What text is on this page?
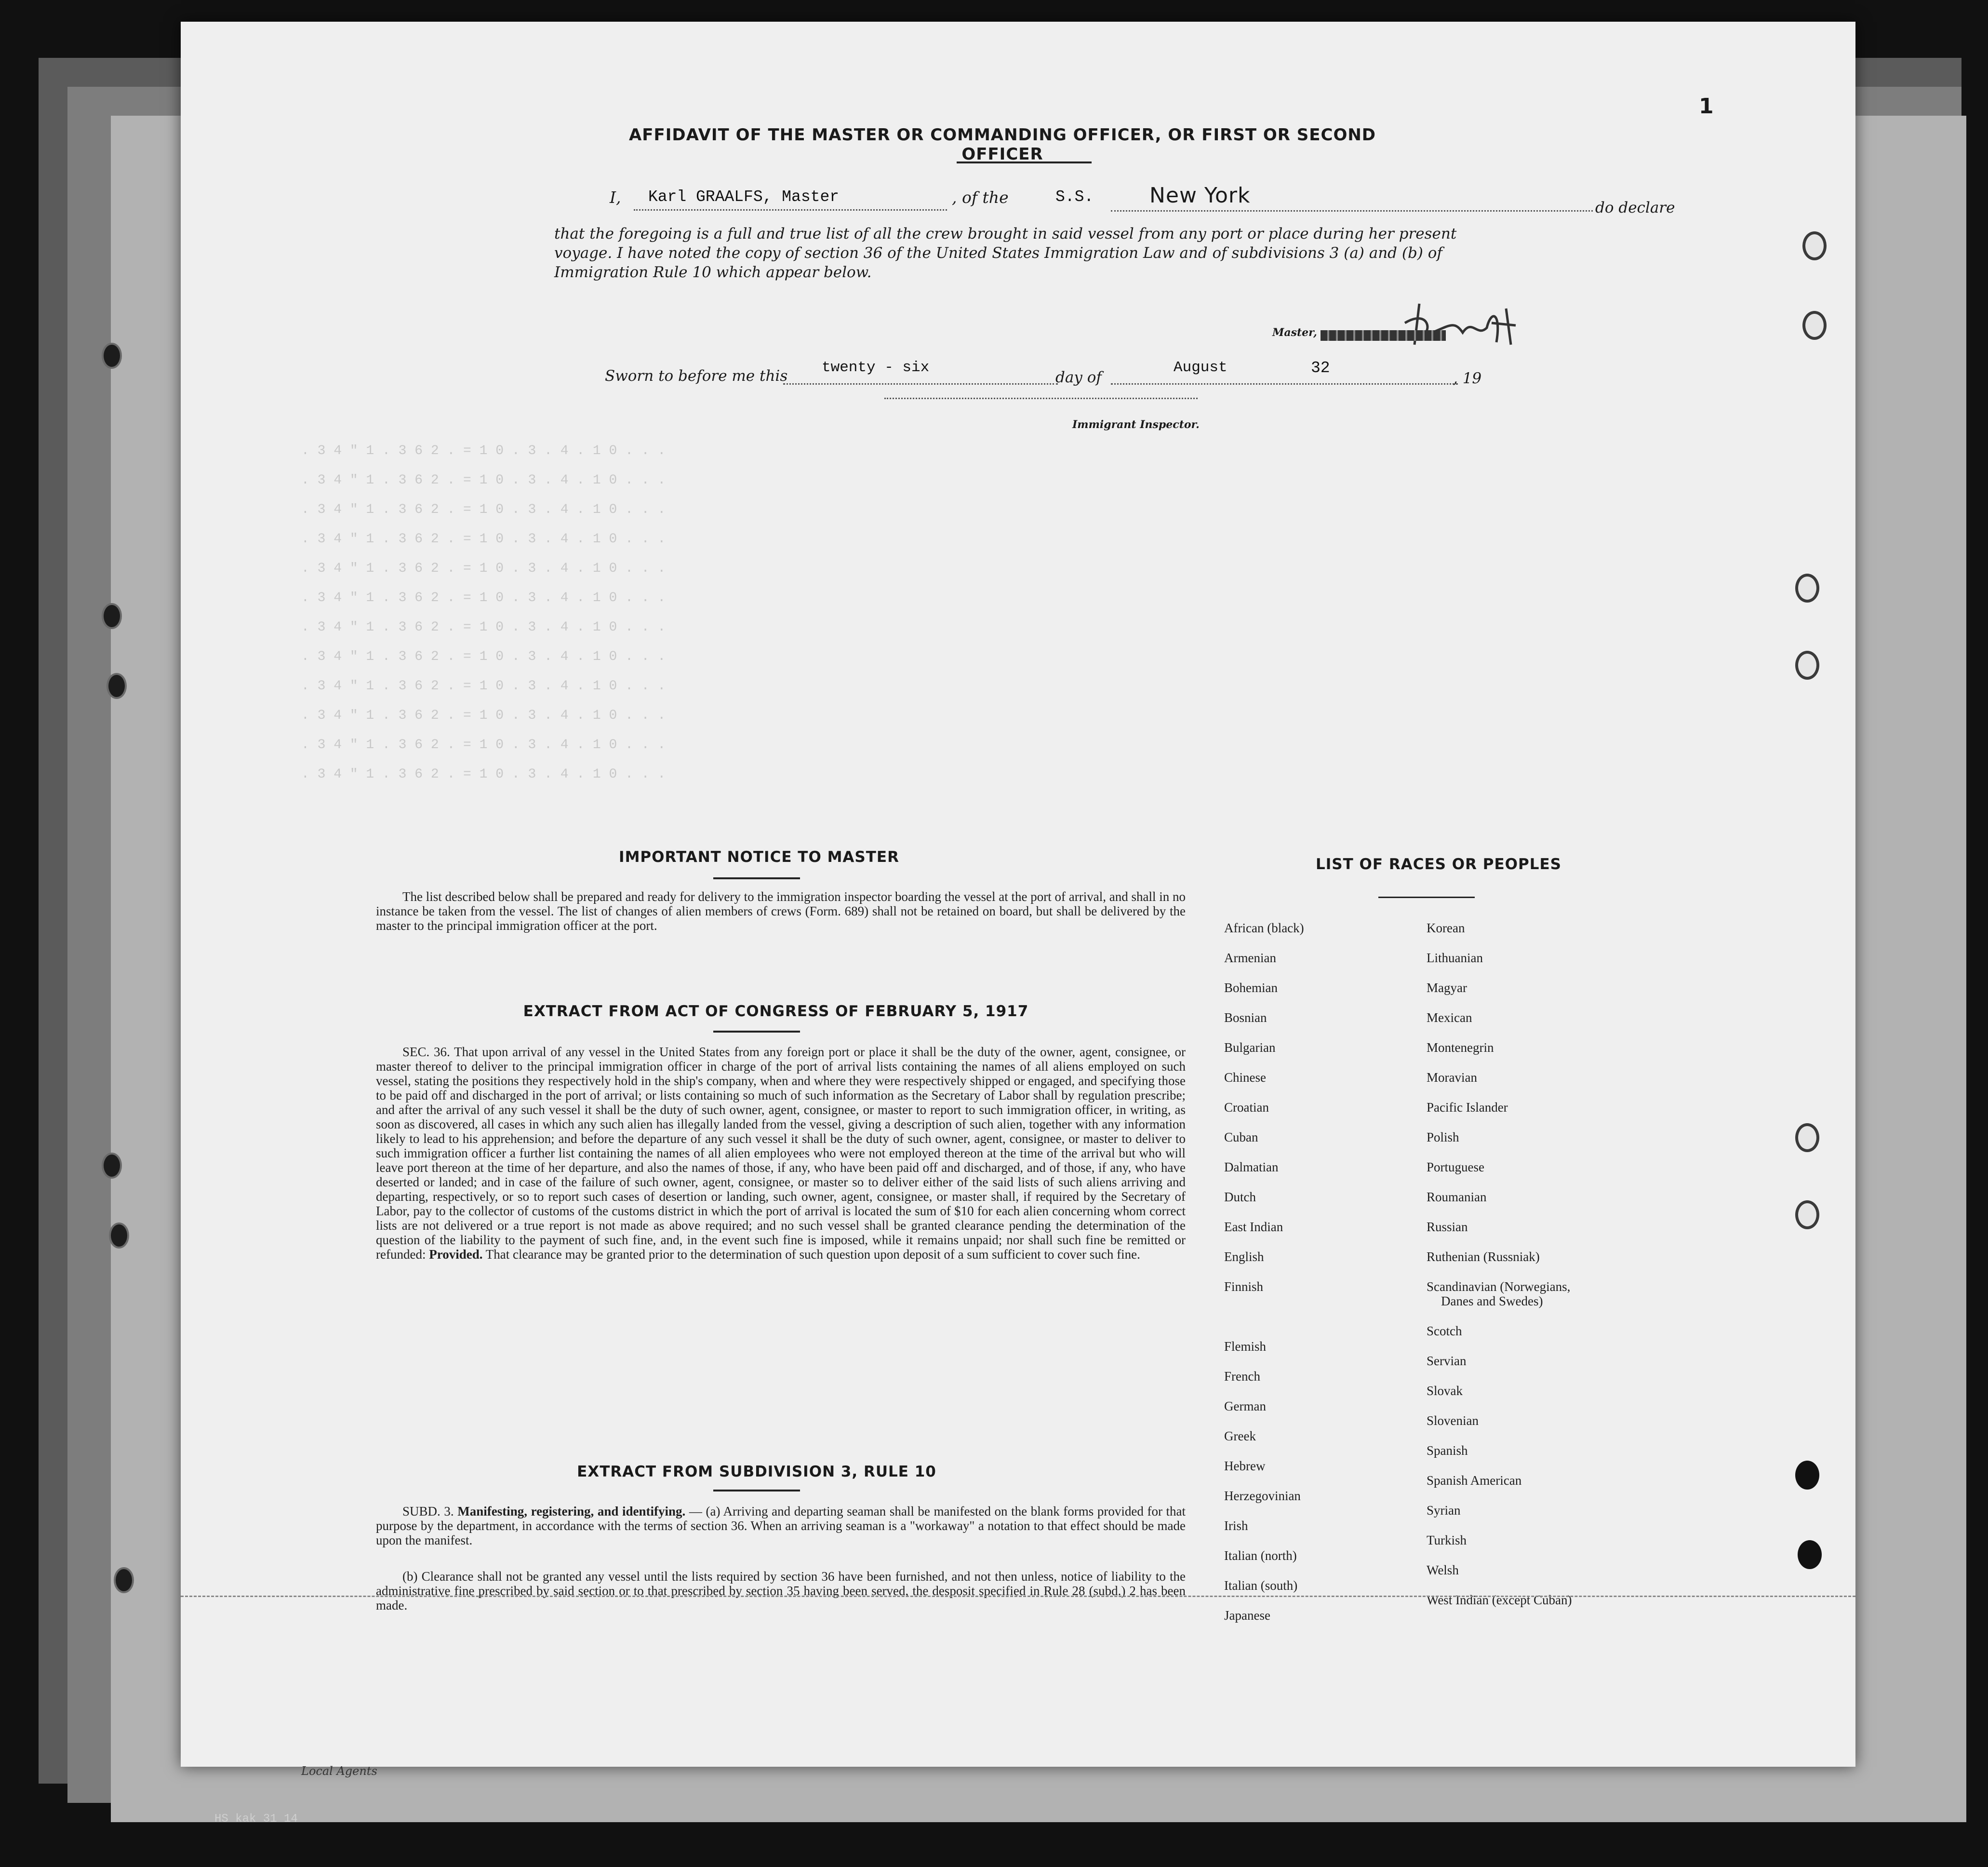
HS kak 31 14
1
AFFIDAVIT OF THE MASTER OR COMMANDING OFFICER, OR FIRST OR SECOND OFFICER
I,	Karl GRAALFS, Master	, of the	S.S.	New York	do declare
that the foregoing is a full and true list of all the crew brought in said vessel from any port or place during her present
voyage. I have noted the copy of section 36 of the United States Immigration Law and of subdivisions 3 (a) and (b) of
Immigration Rule 10 which appear below.
Master,
Sworn to before me this	twenty - six
day of
August
, 19
32
Immigrant Inspector.
. 3 4 " 1 . 3 6 2 . = 1 0 . 3 . 4 . 1 0 . . .
. 3 4 " 1 . 3 6 2 . = 1 0 . 3 . 4 . 1 0 . . .
. 3 4 " 1 . 3 6 2 . = 1 0 . 3 . 4 . 1 0 . . .
. 3 4 " 1 . 3 6 2 . = 1 0 . 3 . 4 . 1 0 . . .
. 3 4 " 1 . 3 6 2 . = 1 0 . 3 . 4 . 1 0 . . .
. 3 4 " 1 . 3 6 2 . = 1 0 . 3 . 4 . 1 0 . . .
. 3 4 " 1 . 3 6 2 . = 1 0 . 3 . 4 . 1 0 . . .
. 3 4 " 1 . 3 6 2 . = 1 0 . 3 . 4 . 1 0 . . .
. 3 4 " 1 . 3 6 2 . = 1 0 . 3 . 4 . 1 0 . . .
. 3 4 " 1 . 3 6 2 . = 1 0 . 3 . 4 . 1 0 . . .
. 3 4 " 1 . 3 6 2 . = 1 0 . 3 . 4 . 1 0 . . .
. 3 4 " 1 . 3 6 2 . = 1 0 . 3 . 4 . 1 0 . . .
IMPORTANT NOTICE TO MASTER
The list described below shall be prepared and ready for delivery to the immigration inspector boarding the vessel at the port of arrival, and shall in no instance be taken from the vessel. The list of changes of alien members of crews (Form. 689) shall not be retained on board, but shall be delivered by the master to the principal immigration officer at the port.
EXTRACT FROM ACT OF CONGRESS OF FEBRUARY 5, 1917
SEC. 36. That upon arrival of any vessel in the United States from any foreign port or place it shall be the duty of the owner, agent, consignee, or master thereof to deliver to the principal immigration officer in charge of the port of arrival lists containing the names of all aliens employed on such vessel, stating the positions they respectively hold in the ship's company, when and where they were respectively shipped or engaged, and specifying those to be paid off and discharged in the port of arrival; or lists containing so much of such information as the Secretary of Labor shall by regulation prescribe; and after the arrival of any such vessel it shall be the duty of such owner, agent, consignee, or master to report to such immigration officer, in writing, as soon as discovered, all cases in which any such alien has illegally landed from the vessel, giving a description of such alien, together with any information likely to lead to his apprehension; and before the departure of any such vessel it shall be the duty of such owner, agent, consignee, or master to deliver to such immigration officer a further list containing the names of all alien employees who were not employed thereon at the time of the arrival but who will leave port thereon at the time of her departure, and also the names of those, if any, who have been paid off and discharged, and of those, if any, who have deserted or landed; and in case of the failure of such owner, agent, consignee, or master so to deliver either of the said lists of such aliens arriving and departing, respectively, or so to report such cases of desertion or landing, such owner, agent, consignee, or master shall, if required by the Secretary of Labor, pay to the collector of customs of the customs district in which the port of arrival is located the sum of $10 for each alien concerning whom correct lists are not delivered or a true report is not made as above required; and no such vessel shall be granted clearance pending the determination of the question of the liability to the payment of such fine, and, in the event such fine is imposed, while it remains unpaid; nor shall such fine be remitted or refunded: Provided. That clearance may be granted prior to the determination of such question upon deposit of a sum sufficient to cover such fine.
EXTRACT FROM SUBDIVISION 3, RULE 10
SUBD. 3. Manifesting, registering, and identifying. — (a) Arriving and departing seaman shall be manifested on the blank forms provided for that purpose by the department, in accordance with the terms of section 36. When an arriving seaman is a "workaway" a notation to that effect should be made upon the manifest.
(b) Clearance shall not be granted any vessel until the lists required by section 36 have been furnished, and not then unless, notice of liability to the administrative fine prescribed by said section or to that prescribed by section 35 having been served, the desposit specified in Rule 28 (subd.) 2 has been made.
LIST OF RACES OR PEOPLES
African (black)
Armenian
Bohemian
Bosnian
Bulgarian
Chinese
Croatian
Cuban
Dalmatian
Dutch
East Indian
English
Finnish
Flemish
French
German
Greek
Hebrew
Herzegovinian
Irish
Italian (north)
Italian (south)
Japanese
Korean
Lithuanian
Magyar
Mexican
Montenegrin
Moravian
Pacific Islander
Polish
Portuguese
Roumanian
Russian
Ruthenian (Russniak)
Scandinavian (Norwegians,
Danes and Swedes)
Scotch
Servian
Slovak
Slovenian
Spanish
Spanish American
Syrian
Turkish
Welsh
West Indian (except Cuban)
Local Agents
